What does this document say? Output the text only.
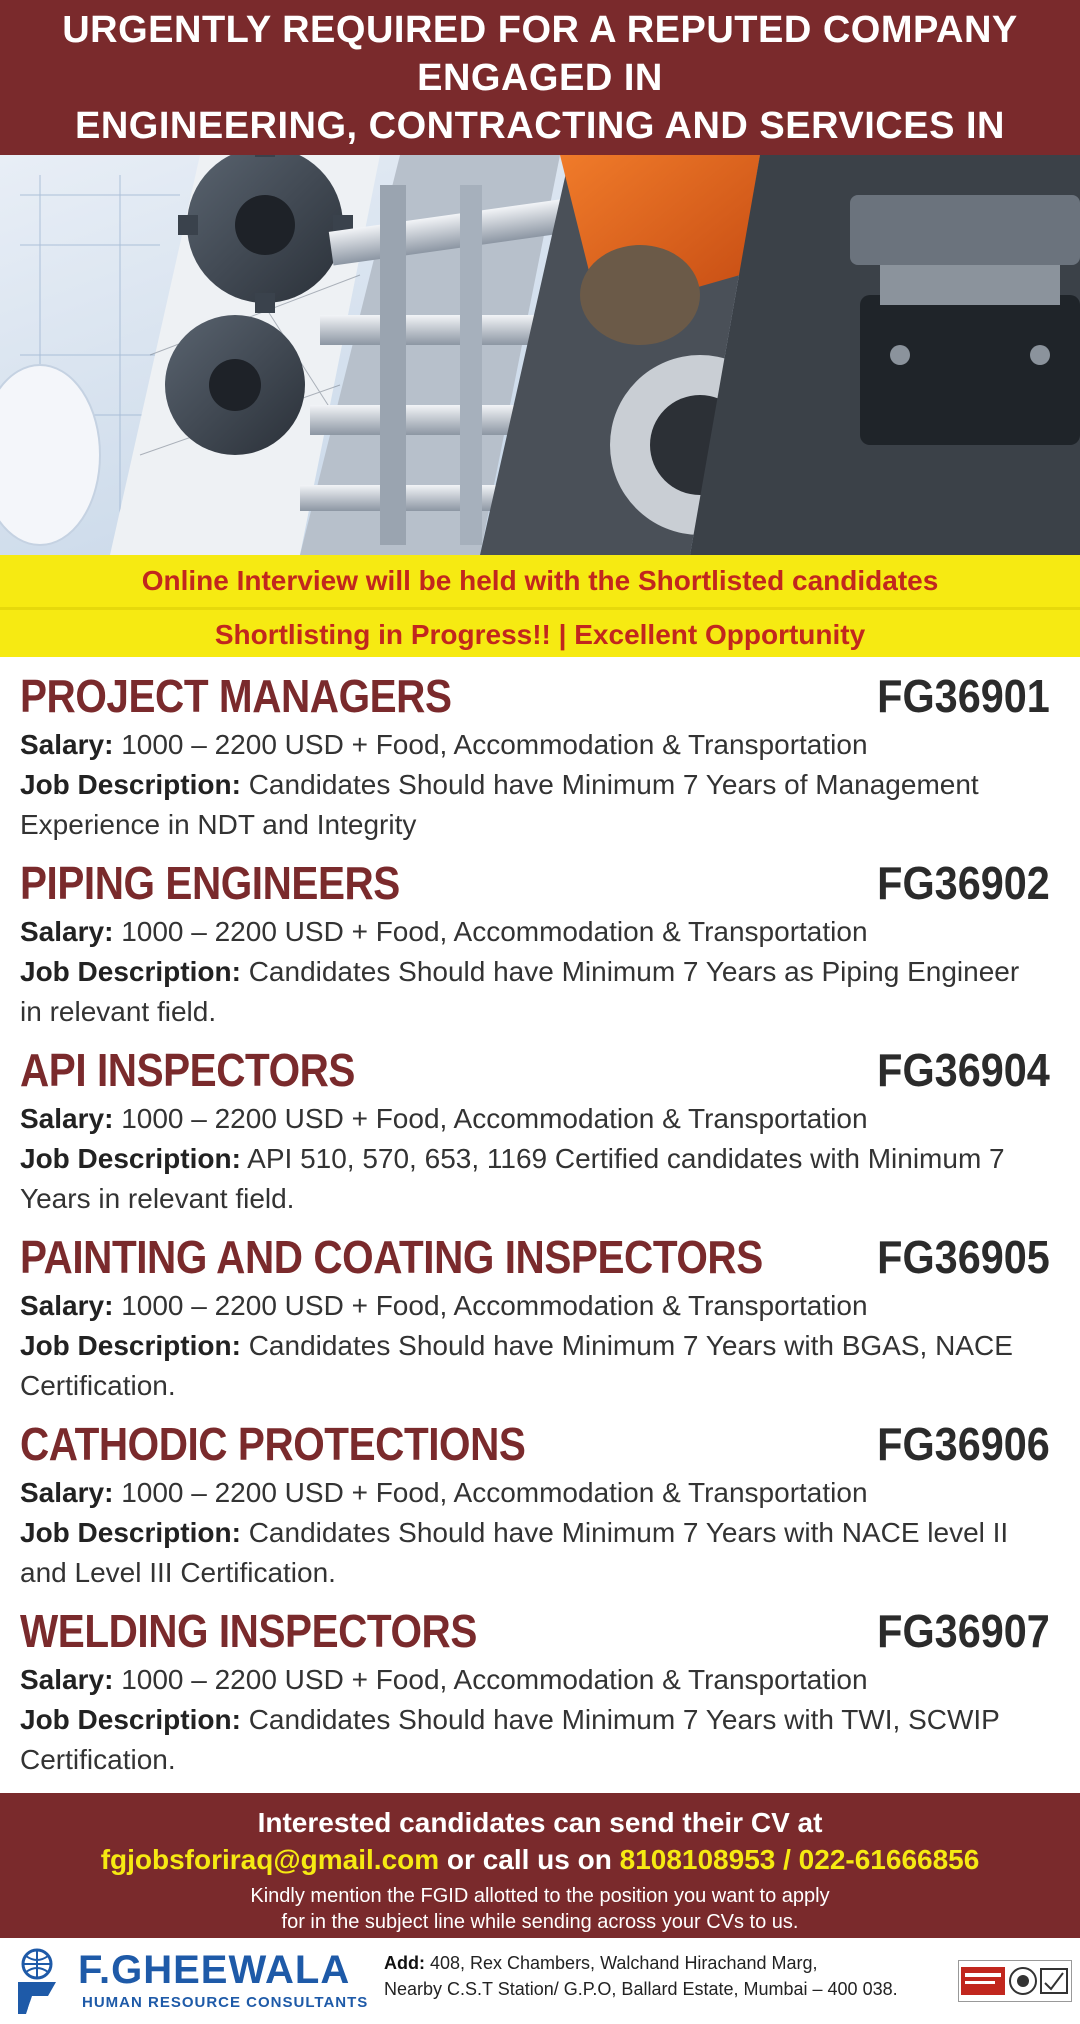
URGENTLY REQUIRED FOR A REPUTED COMPANY ENGAGED IN
ENGINEERING, CONTRACTING AND SERVICES IN
Online Interview will be held with the Shortlisted candidates
Shortlisting in Progress!! | Excellent Opportunity
PROJECT MANAGERS	FG36901
Salary: 1000 – 2200 USD + Food, Accommodation & Transportation
Job Description: Candidates Should have Minimum 7 Years of Management Experience in NDT and Integrity
PIPING ENGINEERS	FG36902
Salary: 1000 – 2200 USD + Food, Accommodation & Transportation
Job Description: Candidates Should have Minimum 7 Years as Piping Engineer in relevant field.
API INSPECTORS	FG36904
Salary: 1000 – 2200 USD + Food, Accommodation & Transportation
Job Description: API 510, 570, 653, 1169 Certified candidates with Minimum 7 Years in relevant field.
PAINTING AND COATING INSPECTORS FG36905
Salary: 1000 – 2200 USD + Food, Accommodation & Transportation
Job Description: Candidates Should have Minimum 7 Years with BGAS, NACE Certification.
CATHODIC PROTECTIONS	FG36906
Salary: 1000 – 2200 USD + Food, Accommodation & Transportation
Job Description: Candidates Should have Minimum 7 Years with NACE level II and Level III Certification.
WELDING INSPECTORS	FG36907
Salary: 1000 – 2200 USD + Food, Accommodation & Transportation
Job Description: Candidates Should have Minimum 7 Years with TWI, SCWIP Certification.
Interested candidates can send their CV at
fgjobsforiraq@gmail.com or call us on 8108108953 / 022-61666856
Kindly mention the FGID allotted to the position you want to apply
for in the subject line while sending across your CVs to us.
F.GHEEWALA
HUMAN RESOURCE CONSULTANTS
Add: 408, Rex Chambers, Walchand Hirachand Marg,
Nearby C.S.T Station/ G.P.O, Ballard Estate, Mumbai – 400 038.
